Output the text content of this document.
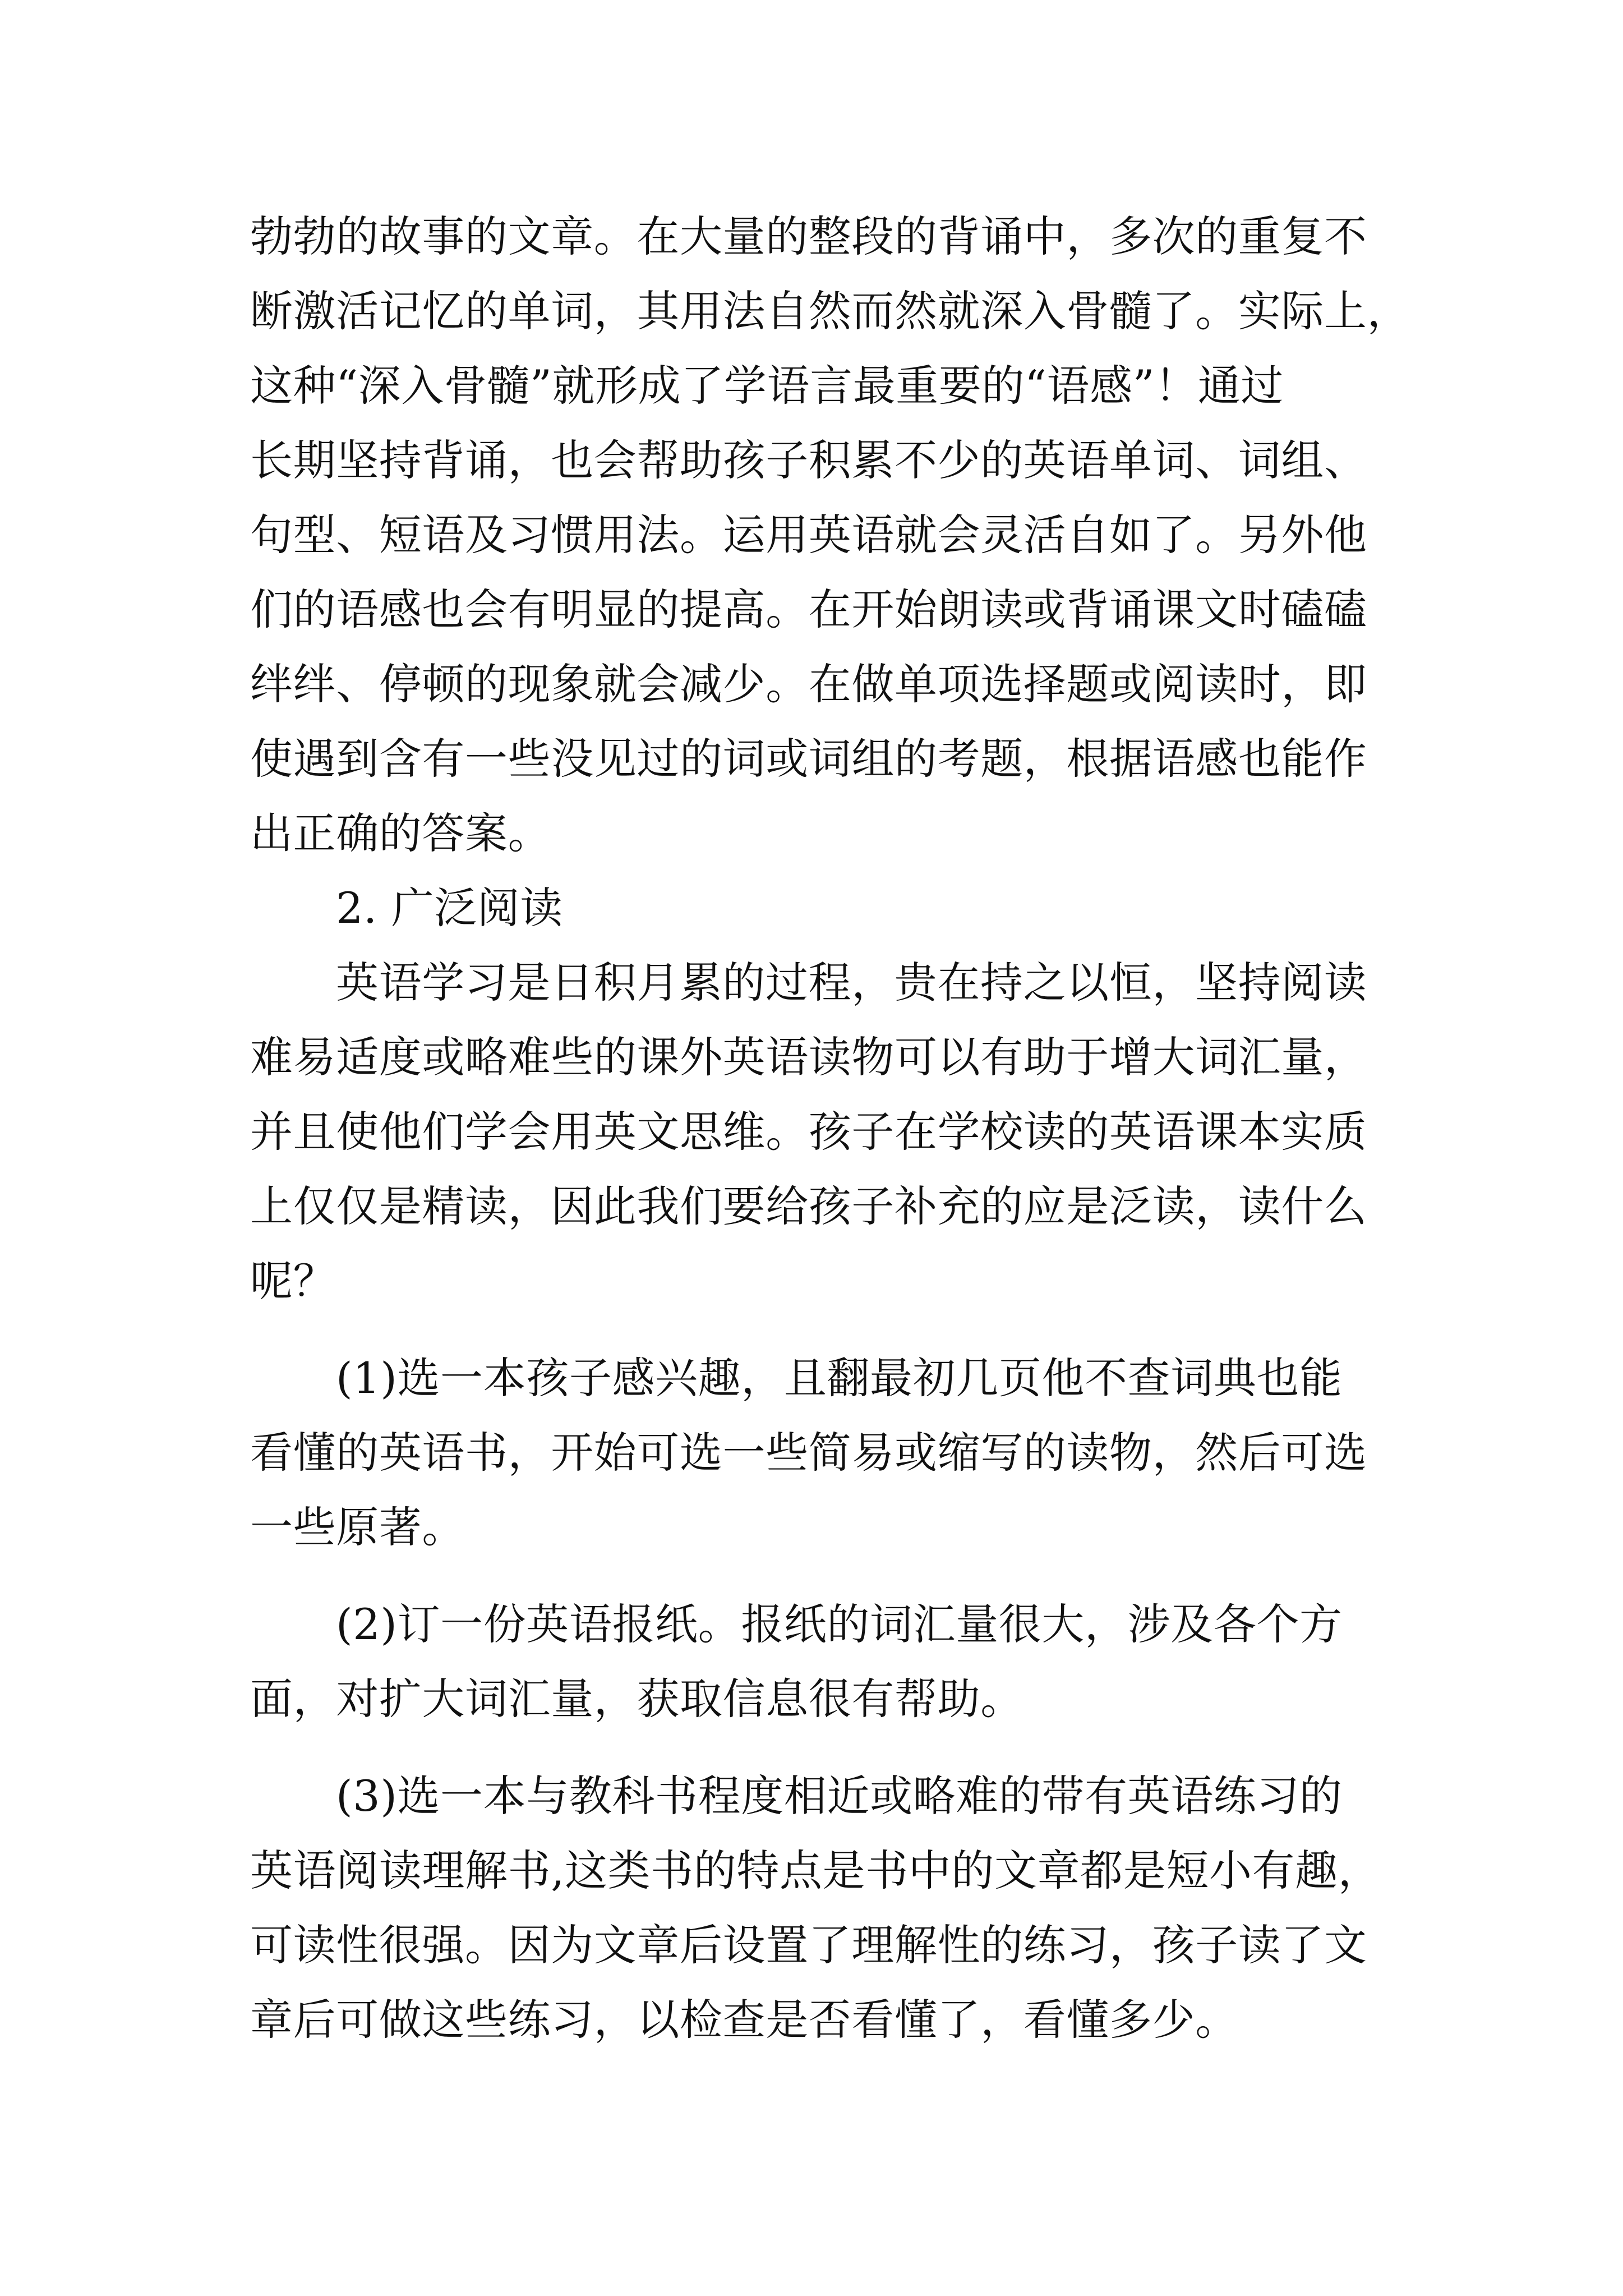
勃勃的故事的文章。在大量的整段的背诵中，多次的重复不
断激活记忆的单词，其用法自然而然就深入骨髓了。实际上，
这种“深入骨髓”就形成了学语言最重要的“语感”！通过
长期坚持背诵，也会帮助孩子积累不少的英语单词、词组、
句型、短语及习惯用法。运用英语就会灵活自如了。另外他
们的语感也会有明显的提高。在开始朗读或背诵课文时磕磕
绊绊、停顿的现象就会减少。在做单项选择题或阅读时，即
使遇到含有一些没见过的词或词组的考题，根据语感也能作
出正确的答案。
2. 广泛阅读
英语学习是日积月累的过程，贵在持之以恒，坚持阅读
难易适度或略难些的课外英语读物可以有助于增大词汇量，
并且使他们学会用英文思维。孩子在学校读的英语课本实质
上仅仅是精读，因此我们要给孩子补充的应是泛读，读什么
呢？
(1)选一本孩子感兴趣，且翻最初几页他不查词典也能
看懂的英语书，开始可选一些简易或缩写的读物，然后可选
一些原著。
(2)订一份英语报纸。报纸的词汇量很大，涉及各个方
面，对扩大词汇量，获取信息很有帮助。
(3)选一本与教科书程度相近或略难的带有英语练习的
英语阅读理解书,这类书的特点是书中的文章都是短小有趣，
可读性很强。因为文章后设置了理解性的练习，孩子读了文
章后可做这些练习，以检查是否看懂了，看懂多少。
